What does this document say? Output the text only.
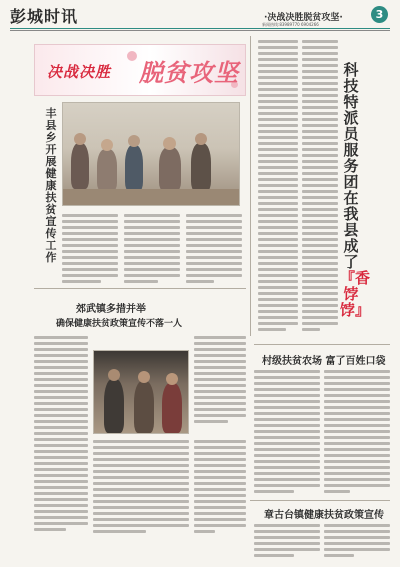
彭城时讯	·决战决胜脱贫攻坚·	3
新闻热线:83989770 6904266
决战决胜 脱贫攻坚
丰县乡开展健康扶贫宣传工作
郊武镇多措并举
确保健康扶贫政策宣传不落一人
科技特派员服务团在我县成了『香饽饽』
村级扶贫农场 富了百姓口袋
章古台镇健康扶贫政策宣传
